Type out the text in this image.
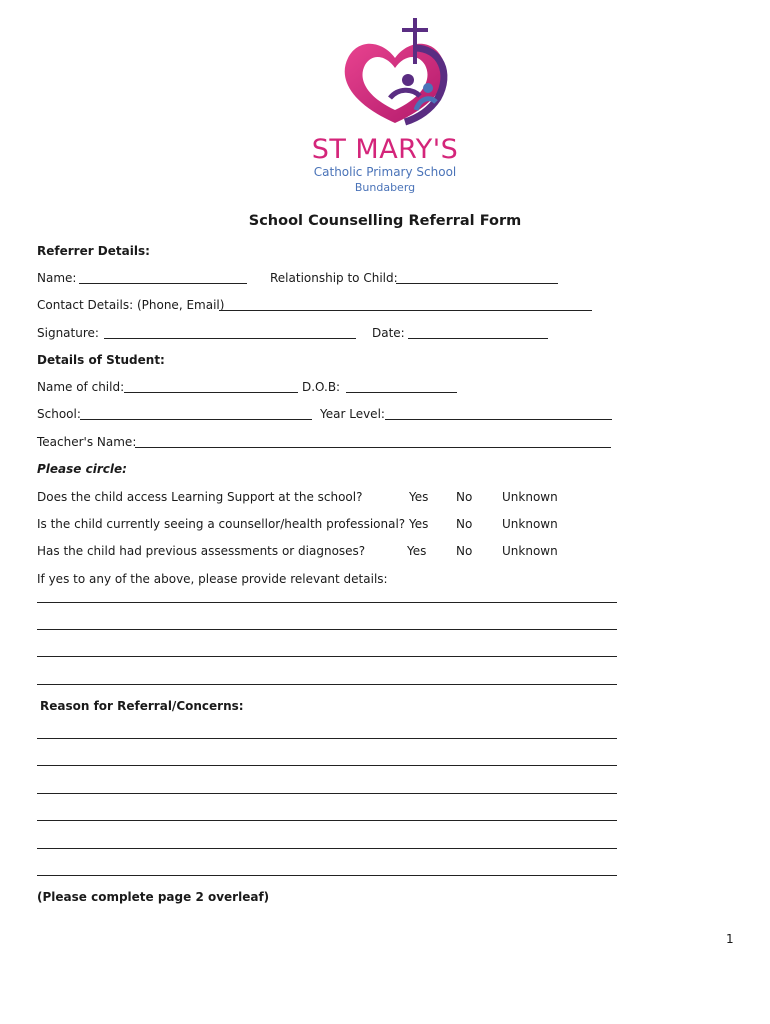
ST MARY'S
Catholic Primary School
Bundaberg
School Counselling Referral Form
Referrer Details:
Name:	Relationship to Child:
Contact Details: (Phone, Email)
Signature:	Date:
Details of Student:
Name of child:	D.O.B:
School:	Year Level:
Teacher's Name:
Please circle:
Does the child access Learning Support at the school?	Yes No Unknown
Is the child currently seeing a counsellor/health professional? Yes No Unknown
Has the child had previous assessments or diagnoses?	Yes No Unknown
If yes to any of the above, please provide relevant details:
Reason for Referral/Concerns:
(Please complete page 2 overleaf)
1
